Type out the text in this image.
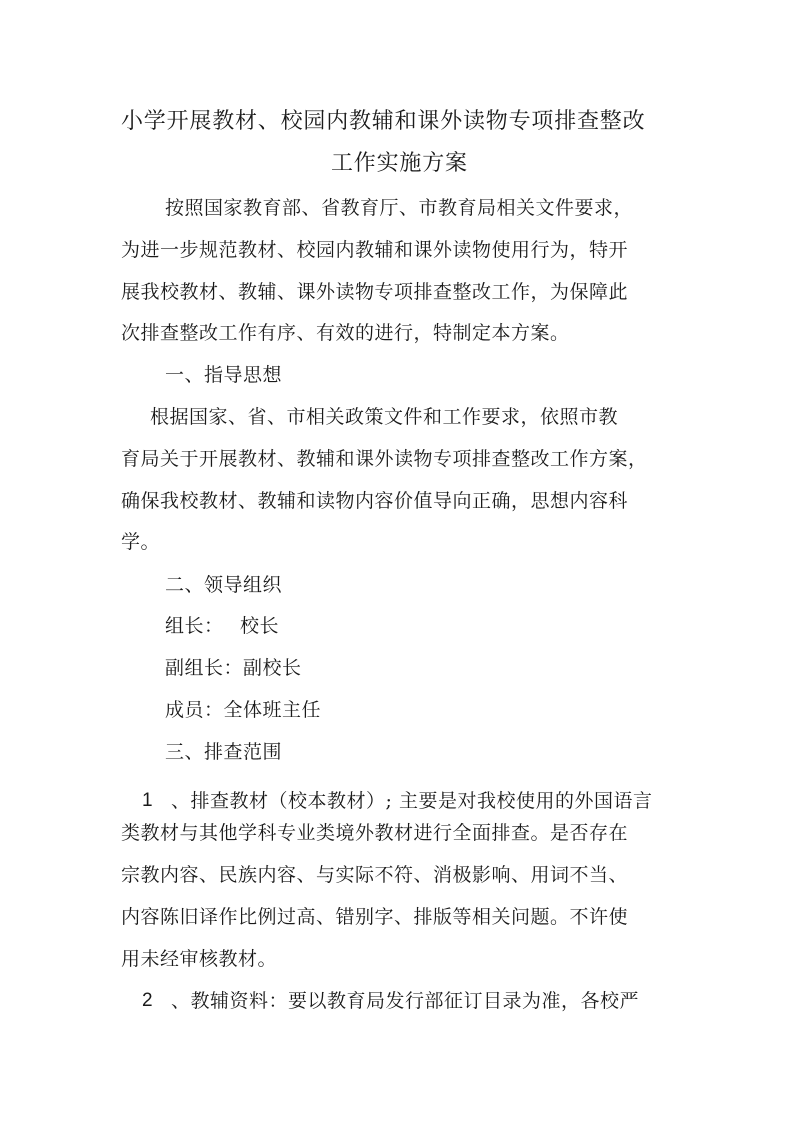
小学开展教材、校园内教辅和课外读物专项排查整改
工作实施方案
按照国家教育部、省教育厅、市教育局相关文件要求，
为进一步规范教材、校园内教辅和课外读物使用行为，特开
展我校教材、教辅、课外读物专项排查整改工作，为保障此
次排查整改工作有序、有效的进行，特制定本方案。
一、指导思想
根据国家、省、市相关政策文件和工作要求，依照市教
育局关于开展教材、教辅和课外读物专项排查整改工作方案，
确保我校教材、教辅和读物内容价值导向正确，思想内容科
学。
二、领导组织
组长： 校长
副组长：副校长
成员：全体班主任
三、排查范围
1 、排查教材（校本教材）; 主要是对我校使用的外国语言
类教材与其他学科专业类境外教材进行全面排查。是否存在
宗教内容、民族内容、与实际不符、消极影响、用词不当、
内容陈旧译作比例过高、错别字、排版等相关问题。不许使
用未经审核教材。
2 、教辅资料：要以教育局发行部征订目录为准，各校严
